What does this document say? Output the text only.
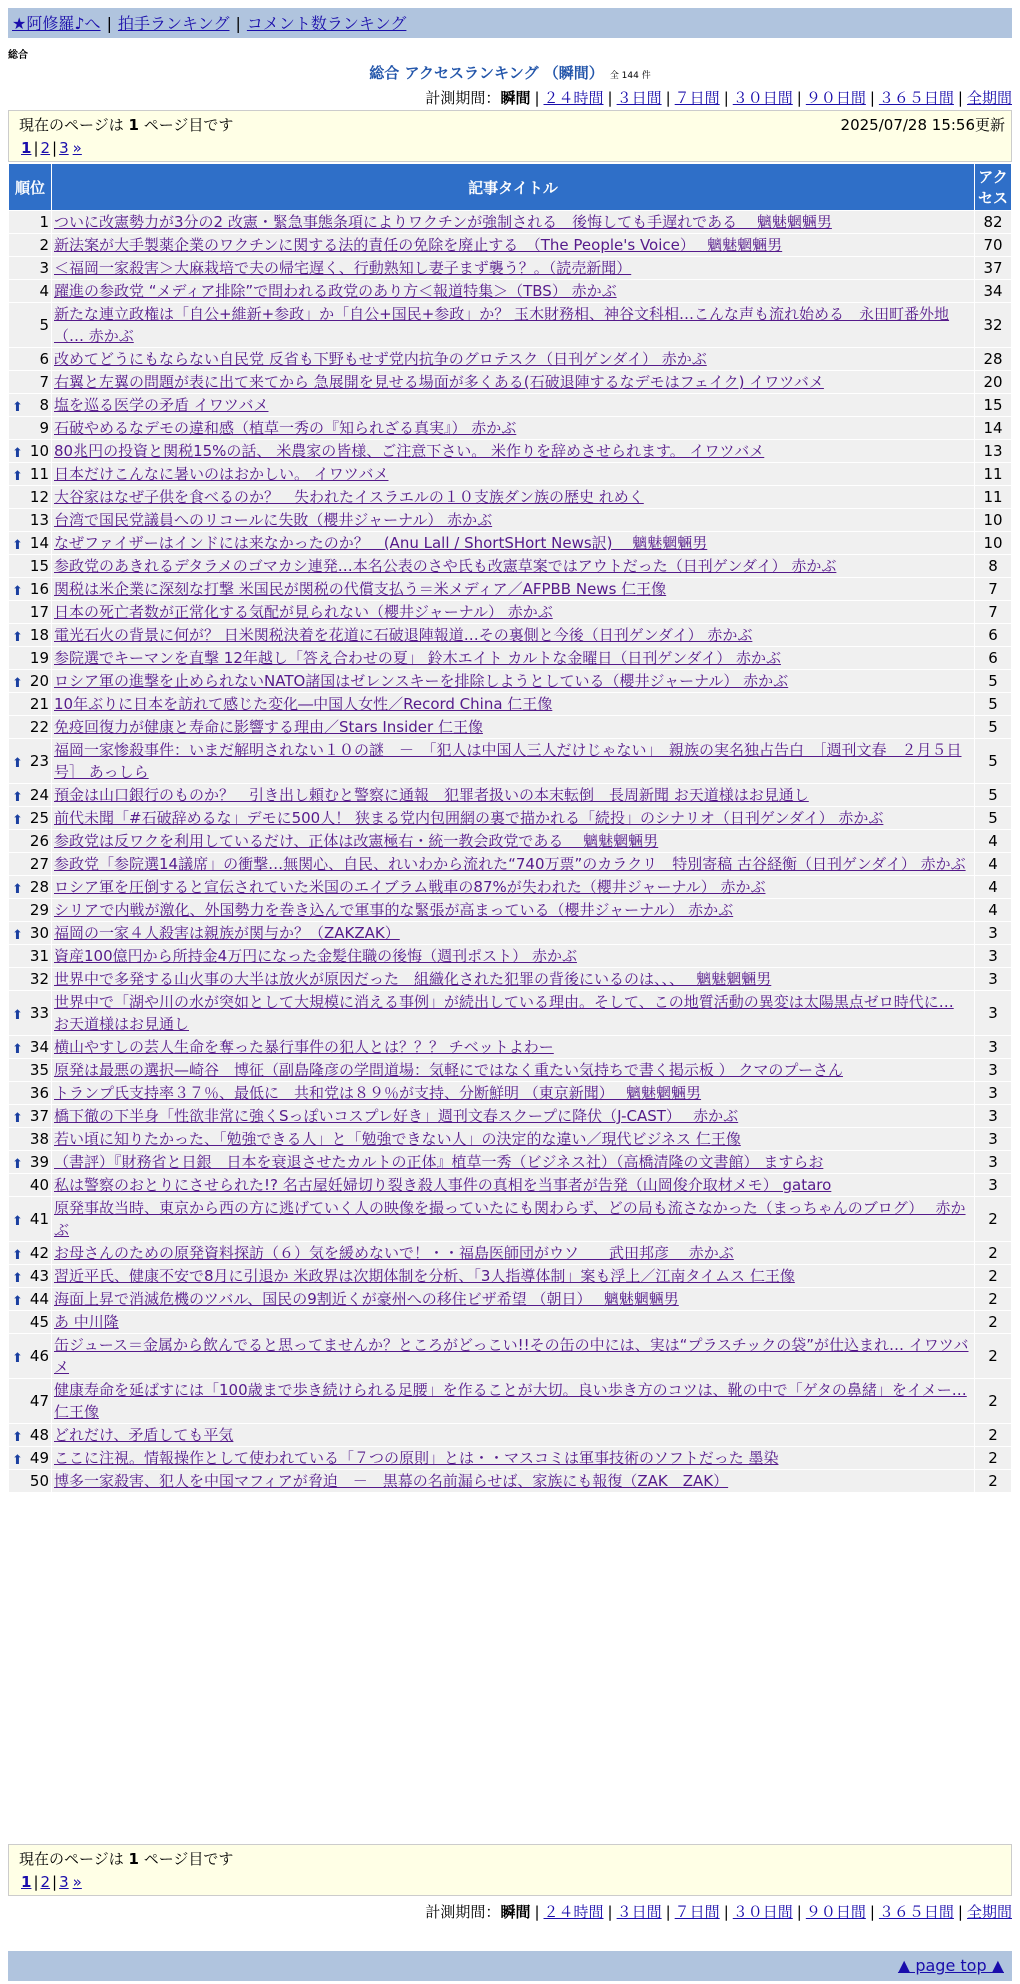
★阿修羅♪へ | 拍手ランキング | コメント数ランキング
総合
総合 アクセスランキング （瞬間） 全 144 件
計測期間：瞬間 | ２４時間 | ３日間 | ７日間 | ３０日間 | ９０日間 | ３６５日間 | 全期間
現在のページは 1 ページ目です	2025/07/28 15:56更新
1 | 2 | 3 »
順位	記事タイトル	アクセス
1	ついに改憲勢力が3分の2 改憲・緊急事態条項によりワクチンが強制される　後悔しても手遅れである　 魑魅魍魎男	82
2	新法案が大手製薬企業のワクチンに関する法的責任の免除を廃止する　（The People's Voice）　 魑魅魍魎男	70
3	＜福岡一家殺害＞大麻栽培で夫の帰宅遅く、行動熟知し妻子まず襲う？。（読売新聞）	37
4	躍進の参政党 “メディア排除”で問われる政党のあり方＜報道特集＞（TBS） 赤かぶ	34
5	新たな連立政権は「自公+維新+参政」か「自公+国民+参政」か？ 玉木財務相、神谷文科相…こんな声も流れ始める　永田町番外地（… 赤かぶ	32
6	改めてどうにもならない自民党 反省も下野もせず党内抗争のグロテスク（日刊ゲンダイ） 赤かぶ	28
7	右翼と左翼の問題が表に出て来てから 急展開を見せる場面が多くある(石破退陣するなデモはフェイク) イワツバメ	20

⬆ 8	塩を巡る医学の矛盾 イワツバメ	15
9	石破やめるなデモの違和感（植草一秀の『知られざる真実』） 赤かぶ	14

⬆ 10	80兆円の投資と関税15%の話、 米農家の皆様、ご注意下さい。 米作りを辞めさせられます。 イワツバメ	13

⬆ 11	日本だけこんなに暑いのはおかしい。 イワツバメ	11
12	大谷家はなぜ子供を食べるのか？　失われたイスラエルの１０支族ダン族の歴史 れめく	11
13	台湾で国民党議員へのリコールに失敗（櫻井ジャーナル） 赤かぶ	10

⬆ 14	なぜファイザーはインドには来なかったのか？　(Anu Lall / ShortSHort News訳)　 魑魅魍魎男	10
15	参政党のあきれるデタラメのゴマカシ連発…本名公表のさや氏も改憲草案ではアウトだった（日刊ゲンダイ） 赤かぶ	8

⬆ 16	関税は米企業に深刻な打撃 米国民が関税の代償支払う＝米メディア／AFPBB News 仁王像	7
17	日本の死亡者数が正常化する気配が見られない（櫻井ジャーナル） 赤かぶ	7

⬆ 18	電光石火の背景に何が？ 日米関税決着を花道に石破退陣報道…その裏側と今後（日刊ゲンダイ） 赤かぶ	6
19	参院選でキーマンを直撃 12年越し「答え合わせの夏」 鈴木エイト カルトな金曜日（日刊ゲンダイ） 赤かぶ	6

⬆ 20	ロシア軍の進撃を止められないNATO諸国はゼレンスキーを排除しようとしている（櫻井ジャーナル） 赤かぶ	5
21	10年ぶりに日本を訪れて感じた変化―中国人女性／Record China 仁王像	5
22	免疫回復力が健康と寿命に影響する理由／Stars Insider 仁王像	5

⬆ 23	福岡一家惨殺事件：いまだ解明されない１０の謎　－　「犯人は中国人三人だけじゃない」　親族の実名独占告白　［週刊文春　２月５日号］ あっしら	5

⬆ 24	預金は山口銀行のものか？　引き出し頼むと警察に通報　犯罪者扱いの本末転倒　長周新聞 お天道様はお見通し	5

⬆ 25	前代未聞「#石破辞めるな」デモに500人！ 狭まる党内包囲網の裏で描かれる「続投」のシナリオ（日刊ゲンダイ） 赤かぶ	5
26	参政党は反ワクを利用しているだけ、正体は改憲極右・統一教会政党である　 魑魅魍魎男	4
27	参政党「参院選14議席」の衝撃…無関心、自民、れいわから流れた“740万票”のカラクリ　特別寄稿 古谷経衡（日刊ゲンダイ） 赤かぶ	4

⬆ 28	ロシア軍を圧倒すると宣伝されていた米国のエイブラム戦車の87%が失われた（櫻井ジャーナル） 赤かぶ	4
29	シリアで内戦が激化、外国勢力を巻き込んで軍事的な緊張が高まっている（櫻井ジャーナル） 赤かぶ	4

⬆ 30	福岡の一家４人殺害は親族が関与か？（ZAKZAK）	3
31	資産100億円から所持金4万円になった金髪住職の後悔（週刊ポスト） 赤かぶ	3
32	世界中で多発する山火事の大半は放火が原因だった　組織化された犯罪の背後にいるのは、、、　 魑魅魍魎男	3

⬆ 33	世界中で「湖や川の水が突如として大規模に消える事例」が続出している理由。そして、この地質活動の異変は太陽黒点ゼロ時代に… お天道様はお見通し	3

⬆ 34	横山やすしの芸人生命を奪った暴行事件の犯人とは？？？ チベットよわー	3
35	原発は最悪の選択—崎谷　博征（副島隆彦の学問道場：気軽にではなく重たい気持ちで書く掲示板 ） クマのプーさん	3
36	トランプ氏支持率３７％、最低に　共和党は８９％が支持、分断鮮明 （東京新聞）　 魑魅魍魎男	3

⬆ 37	橋下徹の下半身「性欲非常に強くSっぽいコスプレ好き」週刊文春スクープに降伏（J-CAST）　 赤かぶ	3
38	若い頃に知りたかった、「勉強できる人」と「勉強できない人」の決定的な違い／現代ビジネス 仁王像	3

⬆ 39	（書評）『財務省と日銀　日本を衰退させたカルトの正体』植草一秀（ビジネス社）（高橋清隆の文書館） ますらお	3
40	私は警察のおとりにさせられた!? 名古屋妊婦切り裂き殺人事件の真相を当事者が告発（山岡俊介取材メモ） gataro	3

⬆ 41	原発事故当時、東京から西の方に逃げていく人の映像を撮っていたにも関わらず、どの局も流さなかった（まっちゃんのブログ）　 赤かぶ	2

⬆ 42	お母さんのための原発資料探訪（６）気を緩めないで！・・福島医師団がウソ　　武田邦彦　 赤かぶ	2

⬆ 43	習近平氏、健康不安で8月に引退か 米政界は次期体制を分析、「3人指導体制」案も浮上／江南タイムス 仁王像	2

⬆ 44	海面上昇で消滅危機のツバル、国民の9割近くが豪州への移住ビザ希望 （朝日）　 魑魅魍魎男	2
45	あ 中川隆	2

⬆ 46	缶ジュース＝金属から飲んでると思ってませんか？ところがどっこい!!その缶の中には、実は“プラスチックの袋”が仕込まれ… イワツバメ	2
47	健康寿命を延ばすには「100歳まで歩き続けられる足腰」を作ることが大切。良い歩き方のコツは、靴の中で「ゲタの鼻緒」をイメー… 仁王像	2

⬆ 48	どれだけ、矛盾しても平気	2

⬆ 49	ここに注視。情報操作として使われている「７つの原則」とは・・マスコミは軍事技術のソフトだった 墨染	2
50	博多一家殺害、犯人を中国マフィアが脅迫　－　黒幕の名前漏らせば、家族にも報復（ZAK　ZAK）	2
現在のページは 1 ページ目です
1 | 2 | 3 »
計測期間：瞬間 | ２４時間 | ３日間 | ７日間 | ３０日間 | ９０日間 | ３６５日間 | 全期間
▲ page top ▲
